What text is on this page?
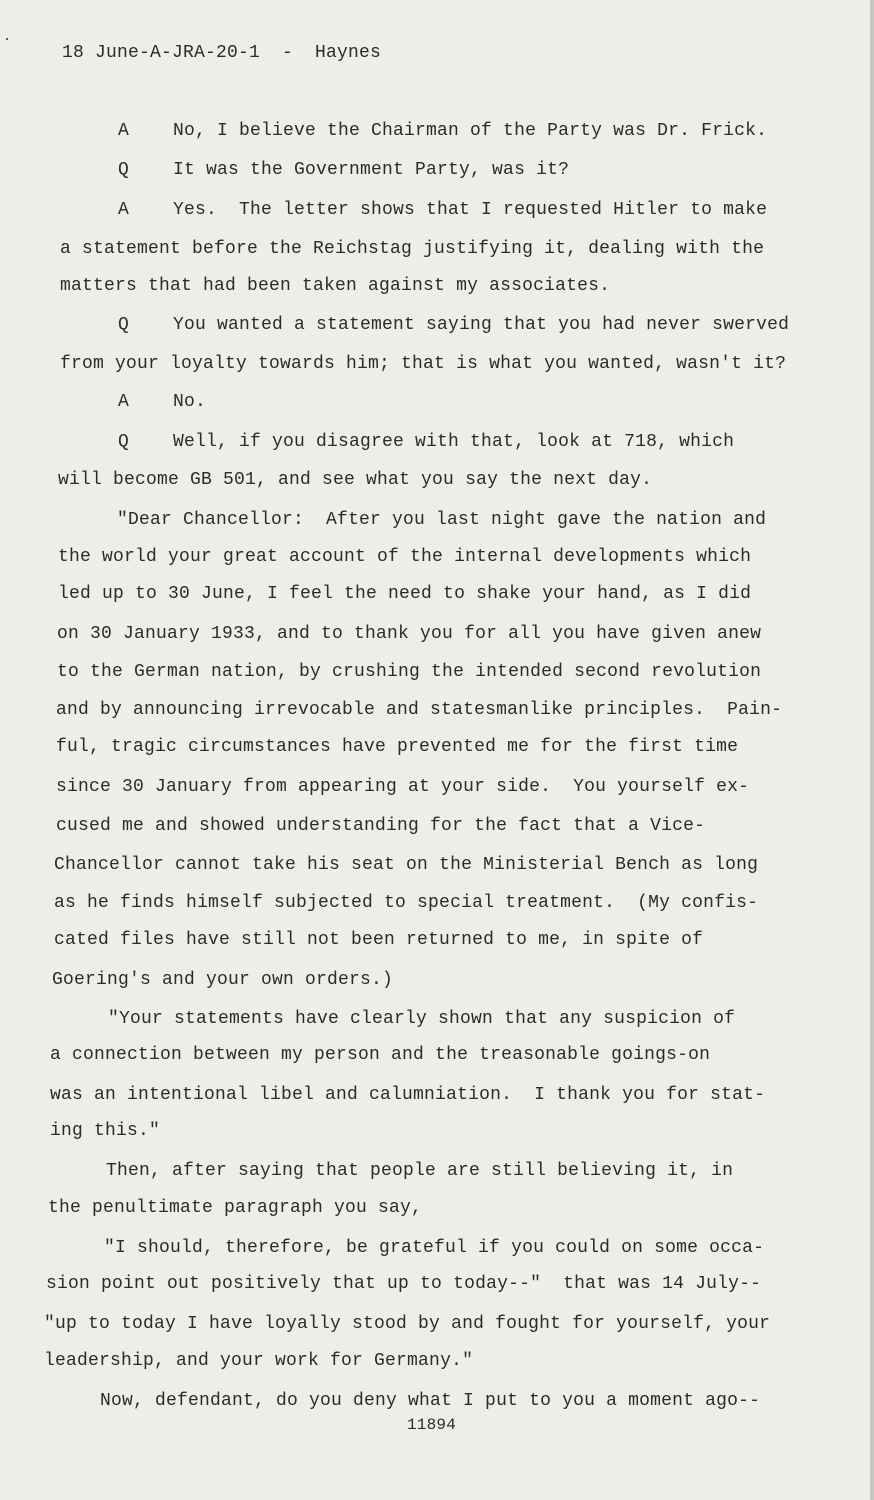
18 June-A-JRA-20-1  -  Haynes
A    No, I believe the Chairman of the Party was Dr. Frick.
Q    It was the Government Party, was it?
A    Yes.  The letter shows that I requested Hitler to make
a statement before the Reichstag justifying it, dealing with the
matters that had been taken against my associates.
Q    You wanted a statement saying that you had never swerved
from your loyalty towards him; that is what you wanted, wasn't it?
A    No.
Q    Well, if you disagree with that, look at 718, which
will become GB 501, and see what you say the next day.
"Dear Chancellor:  After you last night gave the nation and
the world your great account of the internal developments which
led up to 30 June, I feel the need to shake your hand, as I did
on 30 January 1933, and to thank you for all you have given anew
to the German nation, by crushing the intended second revolution
and by announcing irrevocable and statesmanlike principles.  Pain-
ful, tragic circumstances have prevented me for the first time
since 30 January from appearing at your side.  You yourself ex-
cused me and showed understanding for the fact that a Vice-
Chancellor cannot take his seat on the Ministerial Bench as long
as he finds himself subjected to special treatment.  (My confis-
cated files have still not been returned to me, in spite of
Goering's and your own orders.)
"Your statements have clearly shown that any suspicion of
a connection between my person and the treasonable goings-on
was an intentional libel and calumniation.  I thank you for stat-
ing this."
Then, after saying that people are still believing it, in
the penultimate paragraph you say,
"I should, therefore, be grateful if you could on some occa-
sion point out positively that up to today--"  that was 14 July--
"up to today I have loyally stood by and fought for yourself, your
leadership, and your work for Germany."
Now, defendant, do you deny what I put to you a moment ago--
11894
